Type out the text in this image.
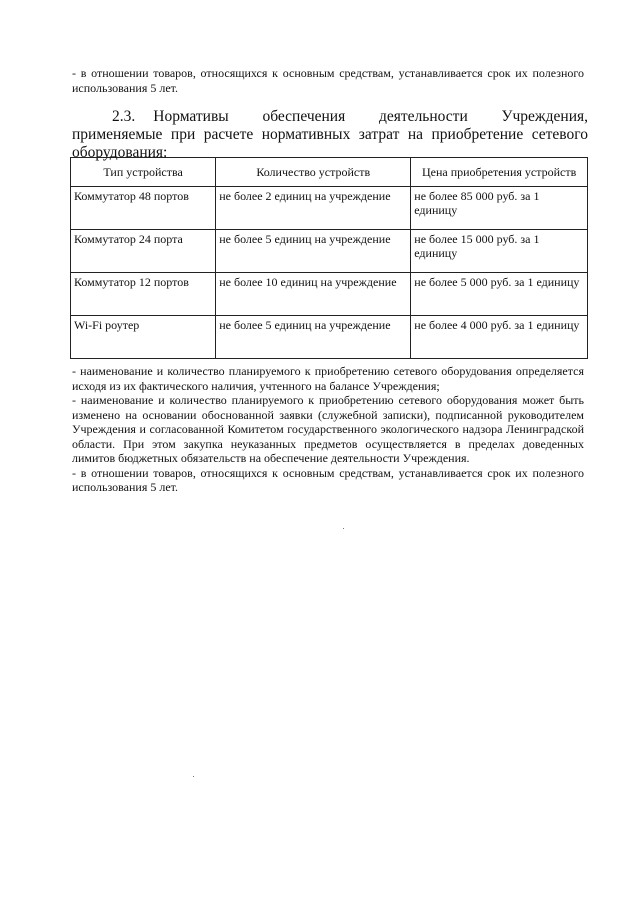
- в отношении товаров, относящихся к основным средствам, устанавливается срок их полезного использования 5 лет.
2.3. Нормативы обеспечения деятельности Учреждения, применяемые при расчете нормативных затрат на приобретение сетевого оборудования:
Тип устройства	Количество устройств	Цена приобретения устройств
Коммутатор 48 портов	не более 2 единиц на учреждение	не более 85 000 руб. за 1 единицу
Коммутатор 24 порта	не более 5 единиц на учреждение	не более 15 000 руб. за 1 единицу
Коммутатор 12 портов	не более 10 единиц на учреждение	не более 5 000 руб. за 1 единицу
Wi-Fi роутер	не более 5 единиц на учреждение	не более 4 000 руб. за 1 единицу

- наименование и количество планируемого к приобретению сетевого оборудования определяется исходя из их фактического наличия, учтенного на балансе Учреждения;

- наименование и количество планируемого к приобретению сетевого оборудования может быть изменено на основании обоснованной заявки (служебной записки), подписанной руководителем Учреждения и согласованной Комитетом государственного экологического надзора Ленинградской области. При этом закупка неуказанных предметов осуществляется в пределах доведенных лимитов бюджетных обязательств на обеспечение деятельности Учреждения.

- в отношении товаров, относящихся к основным средствам, устанавливается срок их полезного использования 5 лет.
